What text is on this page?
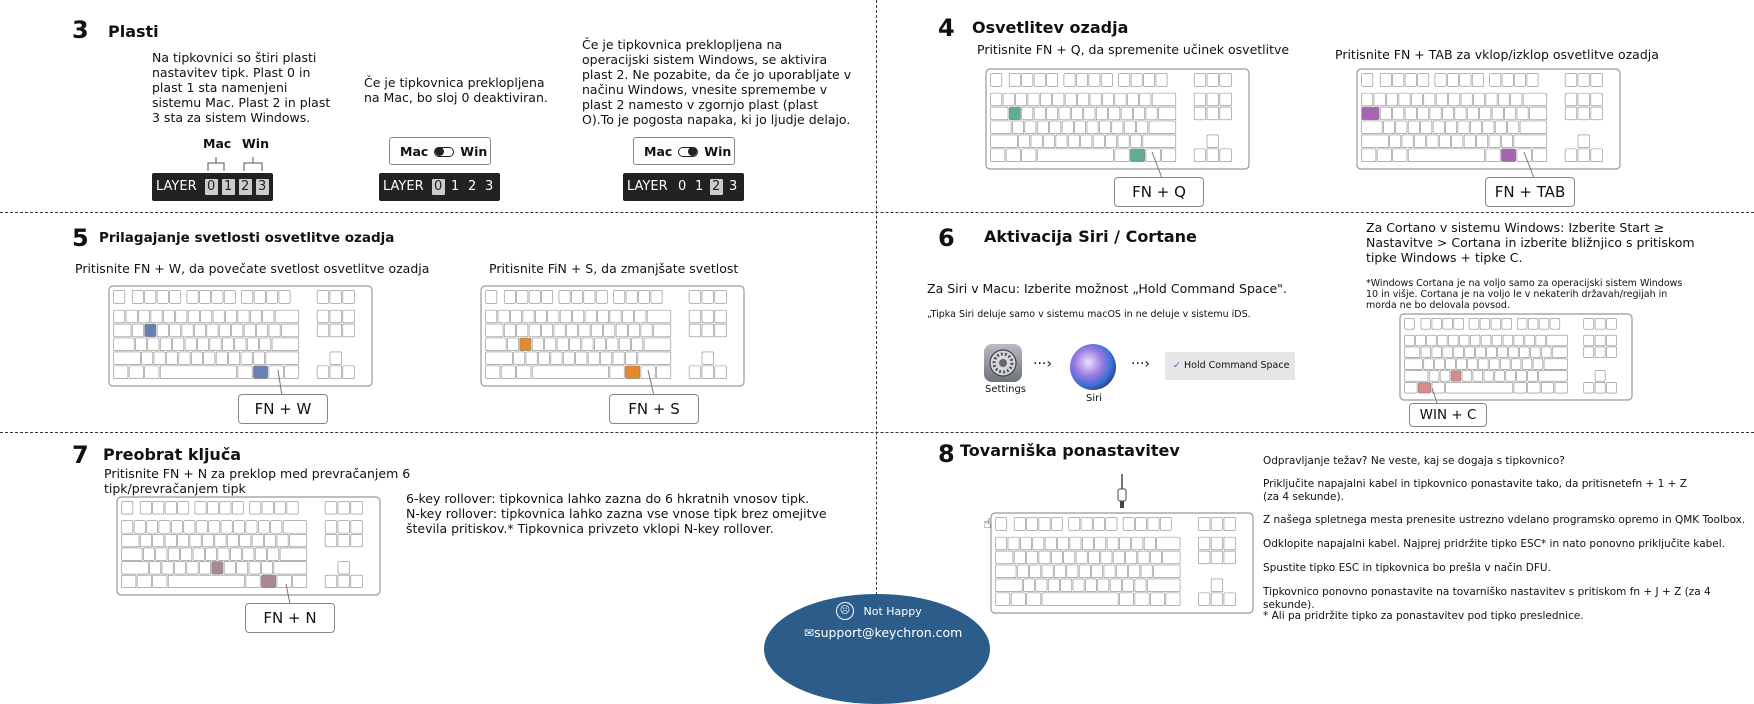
3 Plasti
Na tipkovnici so štiri plasti nastavitev tipk. Plast 0 in plast 1 sta namenjeni sistemu Mac. Plast 2 in plast 3 sta za sistem Windows.
Če je tipkovnica preklopljena na Mac, bo sloj 0 deaktiviran.
Če je tipkovnica preklopljena na operacijski sistem Windows, se aktivira plast 2. Ne pozabite, da če jo uporabljate v načinu Windows, vnesite spremembe v plast 2 namesto v zgornjo plast (plast O).To je pogosta napaka, ki jo ljudje delajo.
Mac Win
LAYER 0 1 2 3
Mac	Win
LAYER 0 1 2 3
Mac	Win
LAYER 0 1 2 3
4 Osvetlitev ozadja
Pritisnite FN + Q, da spremenite učinek osvetlitve	Pritisnite FN + TAB za vklop/izklop osvetlitve ozadja
FN + Q	FN + TAB
5 Prilagajanje svetlosti osvetlitve ozadja
Pritisnite FN + W, da povečate svetlost osvetlitve ozadja	Pritisnite FiN + S, da zmanjšate svetlost
FN + W	FN + S
6 Aktivacija Siri / Cortane
Za Siri v Macu: Izberite možnost „Hold Command Space".
„Tipka Siri deluje samo v sistemu macOS in ne deluje v sistemu iDS.
Za Cortano v sistemu Windows: Izberite Start ≥ Nastavitve > Cortana in izberite bližnjico s pritiskom tipke Windows + tipke C.
*Windows Cortana je na voljo samo za operacijski sistem Windows 10 in višje. Cortana je na voljo le v nekaterih državah/regijah in morda ne bo delovala povsod.
Settings
···›
Siri
···›	✓ Hold Command Space
WIN + C
7 Preobrat ključa
Pritisnite FN + N za preklop med prevračanjem 6 tipk/prevračanjem tipk
6-key rollover: tipkovnica lahko zazna do 6 hkratnih vnosov tipk.
N-key rollover: tipkovnica lahko zazna vse vnose tipk brez omejitve števila pritiskov.* Tipkovnica privzeto vklopi N-key rollover.
FN + N
8 Tovarniška ponastavitev
☝
Odpravljanje težav? Ne veste, kaj se dogaja s tipkovnico?
Priključite napajalni kabel in tipkovnico ponastavite tako, da pritisnetefn + 1 + Z (za 4 sekunde).
Z našega spletnega mesta prenesite ustrezno vdelano programsko opremo in QMK Toolbox.
Odklopite napajalni kabel. Najprej pridržite tipko ESC* in nato ponovno priključite kabel.
Spustite tipko ESC in tipkovnica bo prešla v način DFU.
Tipkovnico ponovno ponastavite na tovarniško nastavitev s pritiskom fn + J + Z (za 4 sekunde).
* Ali pa pridržite tipko za ponastavitev pod tipko preslednice.
☹ Not Happy
✉support@keychron.com
